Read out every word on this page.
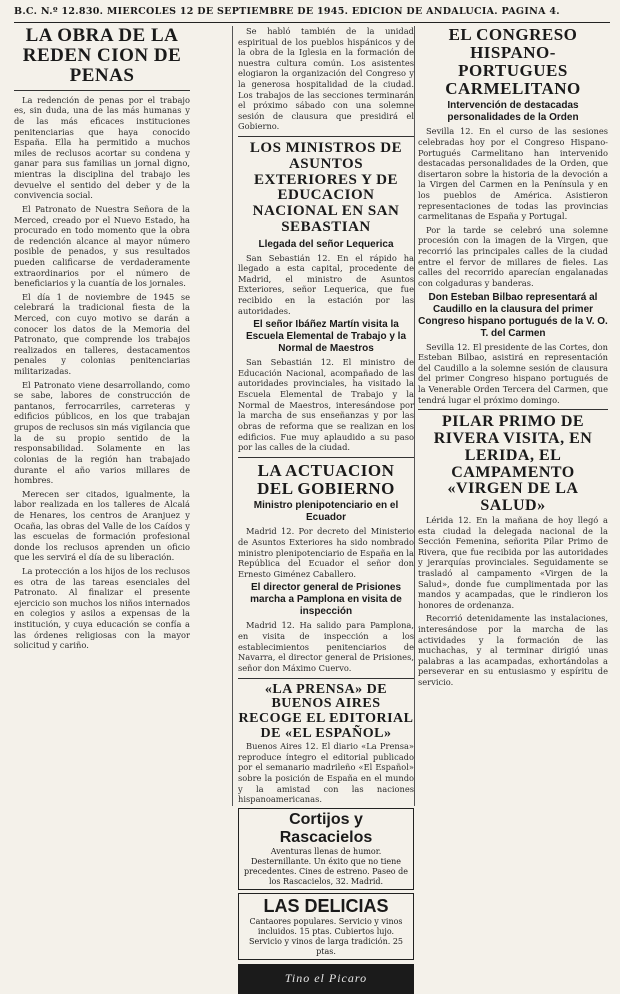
B.C. N.º 12.830. MIERCOLES 12 DE SEPTIEMBRE DE 1945. EDICION DE ANDALUCIA. PAGINA 4.
LA OBRA DE LA REDEN CION DE PENAS

La redención de penas por el trabajo es, sin duda, una de las más humanas y de las más eficaces instituciones penitenciarias que haya conocido España. Ella ha permitido a muchos miles de reclusos acortar su condena y ganar para sus familias un jornal digno, mientras la disciplina del trabajo les devuelve el sentido del deber y de la convivencia social.

El Patronato de Nuestra Señora de la Merced, creado por el Nuevo Estado, ha procurado en todo momento que la obra de redención alcance al mayor número posible de penados, y sus resultados pueden calificarse de verdaderamente extraordinarios por el número de beneficiarios y la cuantía de los jornales.

El día 1 de noviembre de 1945 se celebrará la tradicional fiesta de la Merced, con cuyo motivo se darán a conocer los datos de la Memoria del Patronato, que comprende los trabajos realizados en talleres, destacamentos penales y colonias penitenciarias militarizadas.

El Patronato viene desarrollando, como se sabe, labores de construcción de pantanos, ferrocarriles, carreteras y edificios públicos, en los que trabajan grupos de reclusos sin más vigilancia que la de su propio sentido de la responsabilidad. Solamente en las colonias de la región han trabajado durante el año varios millares de hombres.

Merecen ser citados, igualmente, la labor realizada en los talleres de Alcalá de Henares, los centros de Aranjuez y Ocaña, las obras del Valle de los Caídos y las escuelas de formación profesional donde los reclusos aprenden un oficio que les servirá el día de su liberación.

La protección a los hijos de los reclusos es otra de las tareas esenciales del Patronato. Al finalizar el presente ejercicio son muchos los niños internados en colegios y asilos a expensas de la institución, y cuya educación se confía a las órdenes religiosas con la mayor solicitud y cariño.

Se habló también de la unidad espiritual de los pueblos hispánicos y de la obra de la Iglesia en la formación de nuestra cultura común. Los asistentes elogiaron la organización del Congreso y la generosa hospitalidad de la ciudad. Los trabajos de las secciones terminarán el próximo sábado con una solemne sesión de clausura que presidirá el Gobierno.

LOS MINISTROS DE ASUNTOS EXTERIORES Y DE EDUCACION NACIONAL EN SAN SEBASTIAN
Llegada del señor Lequerica

San Sebastián 12. En el rápido ha llegado a esta capital, procedente de Madrid, el ministro de Asuntos Exteriores, señor Lequerica, que fue recibido en la estación por las autoridades.

El señor Ibáñez Martín visita la Escuela Elemental de Trabajo y la Normal de Maestros

San Sebastián 12. El ministro de Educación Nacional, acompañado de las autoridades provinciales, ha visitado la Escuela Elemental de Trabajo y la Normal de Maestros, interesándose por la marcha de sus enseñanzas y por las obras de reforma que se realizan en los edificios. Fue muy aplaudido a su paso por las calles de la ciudad.

LA ACTUACION DEL GOBIERNO
Ministro plenipotenciario en el Ecuador

Madrid 12. Por decreto del Ministerio de Asuntos Exteriores ha sido nombrado ministro plenipotenciario de España en la República del Ecuador el señor don Ernesto Giménez Caballero.

El director general de Prisiones marcha a Pamplona en visita de inspección

Madrid 12. Ha salido para Pamplona, en visita de inspección a los establecimientos penitenciarios de Navarra, el director general de Prisiones, señor don Máximo Cuervo.

«LA PRENSA» DE BUENOS AIRES RECOGE EL EDITORIAL DE «EL ESPAÑOL»

Buenos Aires 12. El diario «La Prensa» reproduce íntegro el editorial publicado por el semanario madrileño «El Español» sobre la posición de España en el mundo y la amistad con las naciones hispanoamericanas.

Cortijos y Rascacielos
Aventuras llenas de humor. Desternillante. Un éxito que no tiene precedentes. Cines de estreno. Paseo de los Rascacielos, 32. Madrid.
LAS DELICIAS
Cantaores populares. Servicio y vinos incluidos. 15 ptas. Cubiertos lujo. Servicio y vinos de larga tradición. 25 ptas.
Tino el Picaro
EL CONGRESO HISPANO-PORTUGUES CARMELITANO
Intervención de destacadas personalidades de la Orden

Sevilla 12. En el curso de las sesiones celebradas hoy por el Congreso Hispano-Portugués Carmelitano han intervenido destacadas personalidades de la Orden, que disertaron sobre la historia de la devoción a la Virgen del Carmen en la Península y en los pueblos de América. Asistieron representaciones de todas las provincias carmelitanas de España y Portugal.

Por la tarde se celebró una solemne procesión con la imagen de la Virgen, que recorrió las principales calles de la ciudad entre el fervor de millares de fieles. Las calles del recorrido aparecían engalanadas con colgaduras y banderas.

Don Esteban Bilbao representará al Caudillo en la clausura del primer Congreso hispano portugués de la V. O. T. del Carmen

Sevilla 12. El presidente de las Cortes, don Esteban Bilbao, asistirá en representación del Caudillo a la solemne sesión de clausura del primer Congreso hispano portugués de la Venerable Orden Tercera del Carmen, que tendrá lugar el próximo domingo.

PILAR PRIMO DE RIVERA VISITA, EN LERIDA, EL CAMPAMENTO «VIRGEN DE LA SALUD»

Lérida 12. En la mañana de hoy llegó a esta ciudad la delegada nacional de la Sección Femenina, señorita Pilar Primo de Rivera, que fue recibida por las autoridades y jerarquías provinciales. Seguidamente se trasladó al campamento «Virgen de la Salud», donde fue cumplimentada por las mandos y acampadas, que le rindieron los honores de ordenanza.

Recorrió detenidamente las instalaciones, interesándose por la marcha de las actividades y la formación de las muchachas, y al terminar dirigió unas palabras a las acampadas, exhortándolas a perseverar en su entusiasmo y espíritu de servicio.
